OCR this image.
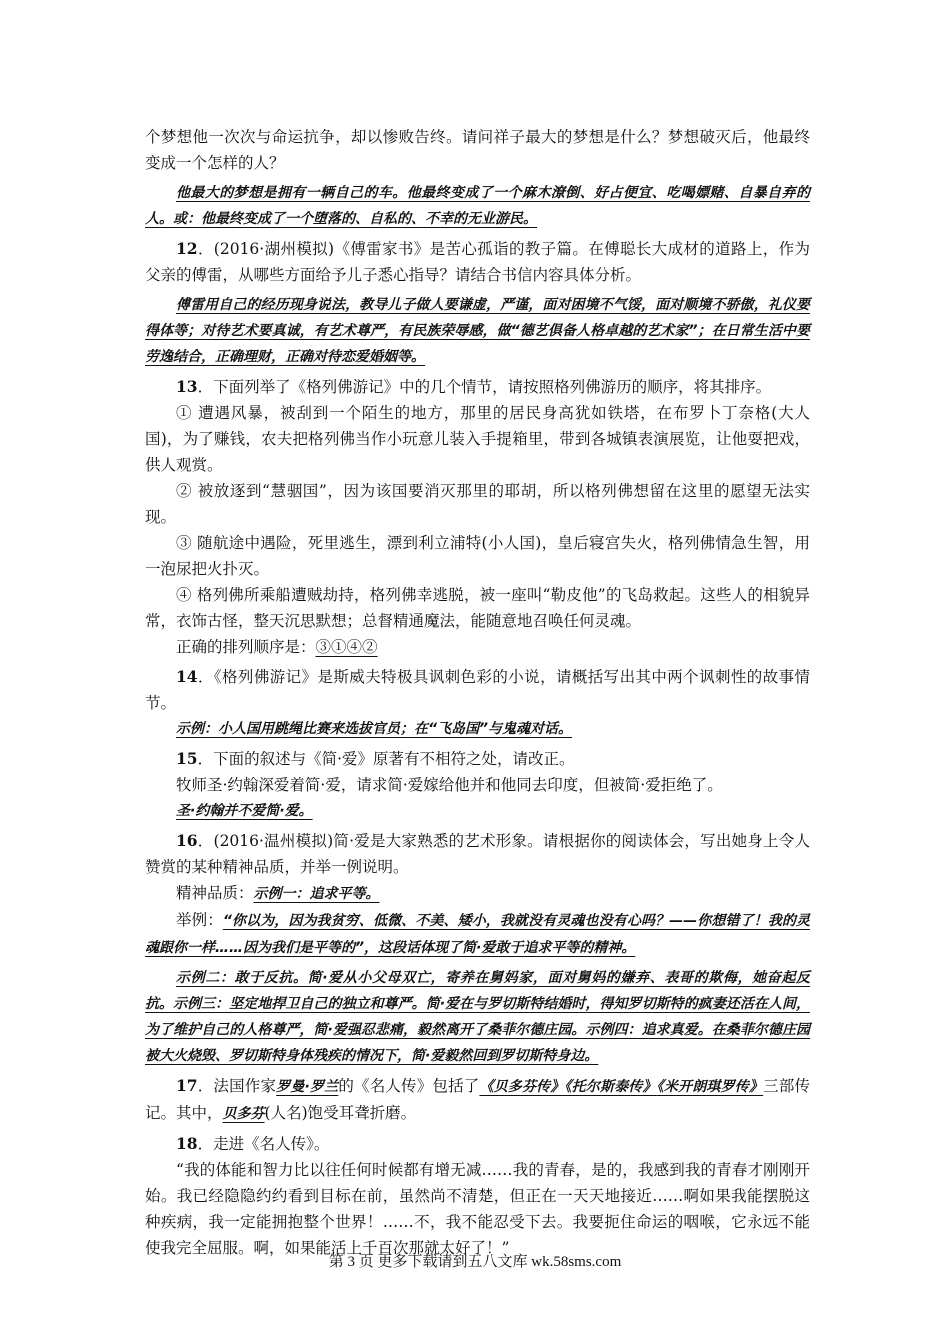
个梦想他一次次与命运抗争，却以惨败告终。请问祥子最大的梦想是什么？梦想破灭后，他最终变成一个怎样的人？

他最大的梦想是拥有一辆自己的车。他最终变成了一个麻木潦倒、好占便宜、吃喝嫖赌、自暴自弃的人。或：他最终变成了一个堕落的、自私的、不幸的无业游民。

12．(2016·湖州模拟)《傅雷家书》是苦心孤诣的教子篇。在傅聪长大成材的道路上，作为父亲的傅雷，从哪些方面给予儿子悉心指导？请结合书信内容具体分析。

傅雷用自己的经历现身说法，教导儿子做人要谦虚，严谨，面对困境不气馁，面对顺境不骄傲，礼仪要得体等；对待艺术要真诚，有艺术尊严，有民族荣辱感，做“德艺俱备人格卓越的艺术家”；在日常生活中要劳逸结合，正确理财，正确对待恋爱婚姻等。

13．下面列举了《格列佛游记》中的几个情节，请按照格列佛游历的顺序，将其排序。

① 遭遇风暴，被刮到一个陌生的地方，那里的居民身高犹如铁塔，在布罗卜丁奈格(大人国)，为了赚钱，农夫把格列佛当作小玩意儿装入手提箱里，带到各城镇表演展览，让他耍把戏，供人观赏。

② 被放逐到“慧骃国”，因为该国要消灭那里的耶胡，所以格列佛想留在这里的愿望无法实现。

③ 随航途中遇险，死里逃生，漂到利立浦特(小人国)，皇后寝宫失火，格列佛情急生智，用一泡尿把火扑灭。

④ 格列佛所乘船遭贼劫持，格列佛幸逃脱，被一座叫“勒皮他”的飞岛救起。这些人的相貌异常，衣饰古怪，整天沉思默想；总督精通魔法，能随意地召唤任何灵魂。

正确的排列顺序是：③①④②

14．《格列佛游记》是斯威夫特极具讽刺色彩的小说，请概括写出其中两个讽刺性的故事情节。

示例：小人国用跳绳比赛来选拔官员；在“飞岛国”与鬼魂对话。

15．下面的叙述与《简·爱》原著有不相符之处，请改正。

牧师圣·约翰深爱着简·爱，请求简·爱嫁给他并和他同去印度，但被简·爱拒绝了。

圣·约翰并不爱简·爱。

16．(2016·温州模拟)简·爱是大家熟悉的艺术形象。请根据你的阅读体会，写出她身上令人赞赏的某种精神品质，并举一例说明。

精神品质：示例一：追求平等。

举例：“你以为，因为我贫穷、低微、不美、矮小，我就没有灵魂也没有心吗？——你想错了！我的灵魂跟你一样……因为我们是平等的”，这段话体现了简·爱敢于追求平等的精神。

示例二：敢于反抗。简·爱从小父母双亡，寄养在舅妈家，面对舅妈的嫌弃、表哥的欺侮，她奋起反抗。示例三：坚定地捍卫自己的独立和尊严。简·爱在与罗切斯特结婚时，得知罗切斯特的疯妻还活在人间，为了维护自己的人格尊严，简·爱强忍悲痛，毅然离开了桑菲尔德庄园。示例四：追求真爱。在桑菲尔德庄园被大火烧毁、罗切斯特身体残疾的情况下，简·爱毅然回到罗切斯特身边。

17．法国作家罗曼·罗兰的《名人传》包括了《贝多芬传》《托尔斯泰传》《米开朗琪罗传》三部传记。其中，贝多芬(人名)饱受耳聋折磨。

18．走进《名人传》。

“我的体能和智力比以往任何时候都有增无减……我的青春，是的，我感到我的青春才刚刚开始。我已经隐隐约约看到目标在前，虽然尚不清楚，但正在一天天地接近……啊如果我能摆脱这种疾病，我一定能拥抱整个世界！……不，我不能忍受下去。我要扼住命运的咽喉，它永远不能使我完全屈服。啊，如果能活上千百次那就太好了！”

第 3 页 更多下载请到五八文库 wk.58sms.com
